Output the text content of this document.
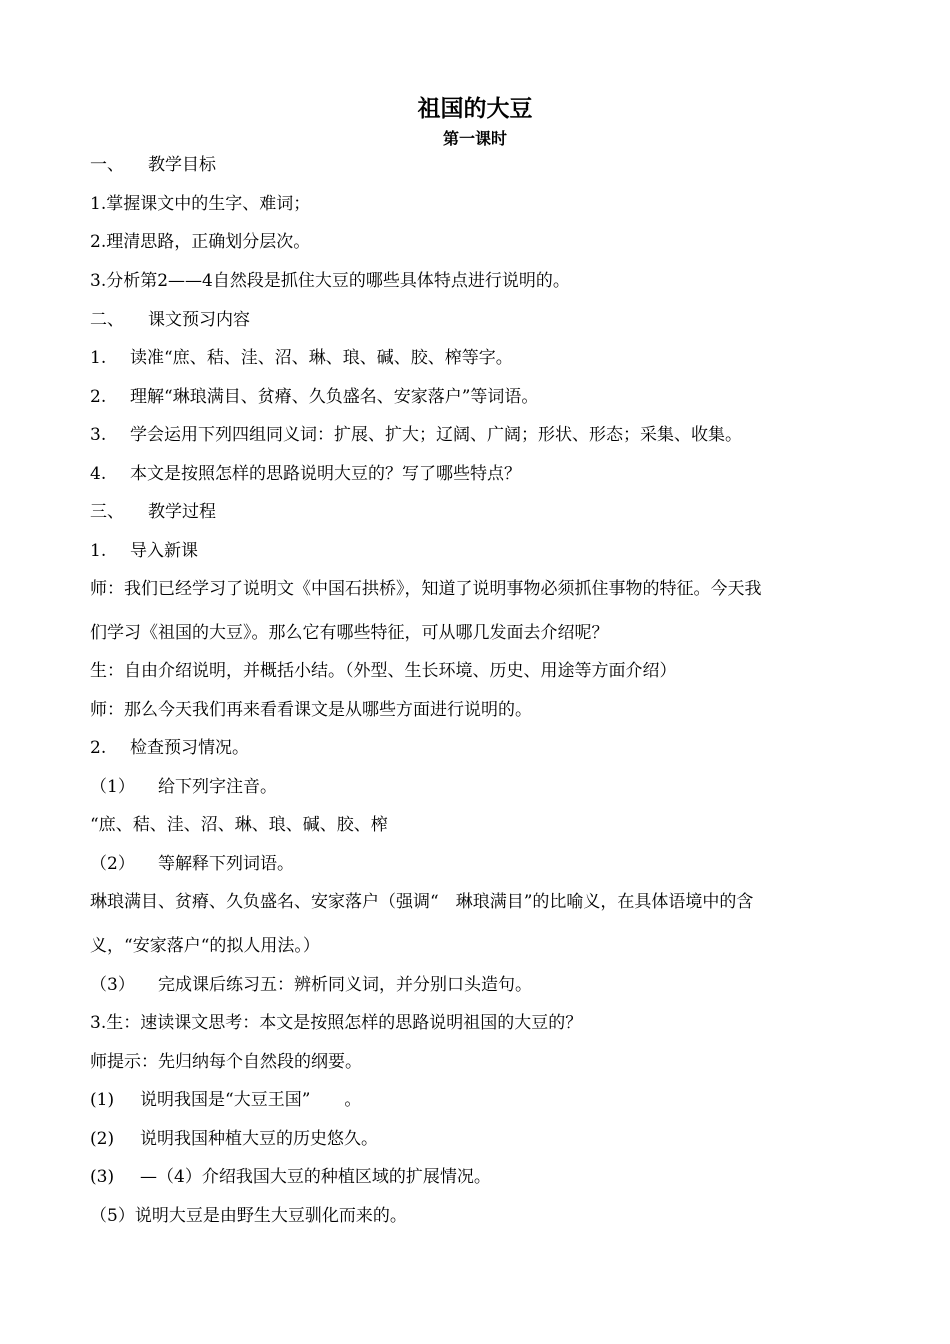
祖国的大豆
第一课时
一、 教学目标
1.掌握课文中的生字、难词；
2.理清思路，正确划分层次。
3.分析第2——4自然段是抓住大豆的哪些具体特点进行说明的。
二、 课文预习内容
1. 读准“庶、秸、洼、沼、琳、琅、碱、胶、榨等字。
2. 理解“琳琅满目、贫瘠、久负盛名、安家落户”等词语。
3. 学会运用下列四组同义词：扩展、扩大；辽阔、广阔；形状、形态；采集、收集。
4. 本文是按照怎样的思路说明大豆的？写了哪些特点？
三、 教学过程
1. 导入新课
师：我们已经学习了说明文《中国石拱桥》，知道了说明事物必须抓住事物的特征。今天我
们学习《祖国的大豆》。那么它有哪些特征，可从哪几发面去介绍呢？
生：自由介绍说明，并概括小结。（外型、生长环境、历史、用途等方面介绍）
师：那么今天我们再来看看课文是从哪些方面进行说明的。
2. 检查预习情况。
（1） 给下列字注音。
“庶、秸、洼、沼、琳、琅、碱、胶、榨
（2） 等解释下列词语。
琳琅满目、贫瘠、久负盛名、安家落户（强调“　琳琅满目”的比喻义，在具体语境中的含
义，“安家落户“的拟人用法。）
（3） 完成课后练习五：辨析同义词，并分别口头造句。
3.生：速读课文思考：本文是按照怎样的思路说明祖国的大豆的？
师提示：先归纳每个自然段的纲要。
(1) 说明我国是“大豆王国”　　。
(2) 说明我国种植大豆的历史悠久。
(3) —（4）介绍我国大豆的种植区域的扩展情况。
（5）说明大豆是由野生大豆驯化而来的。
